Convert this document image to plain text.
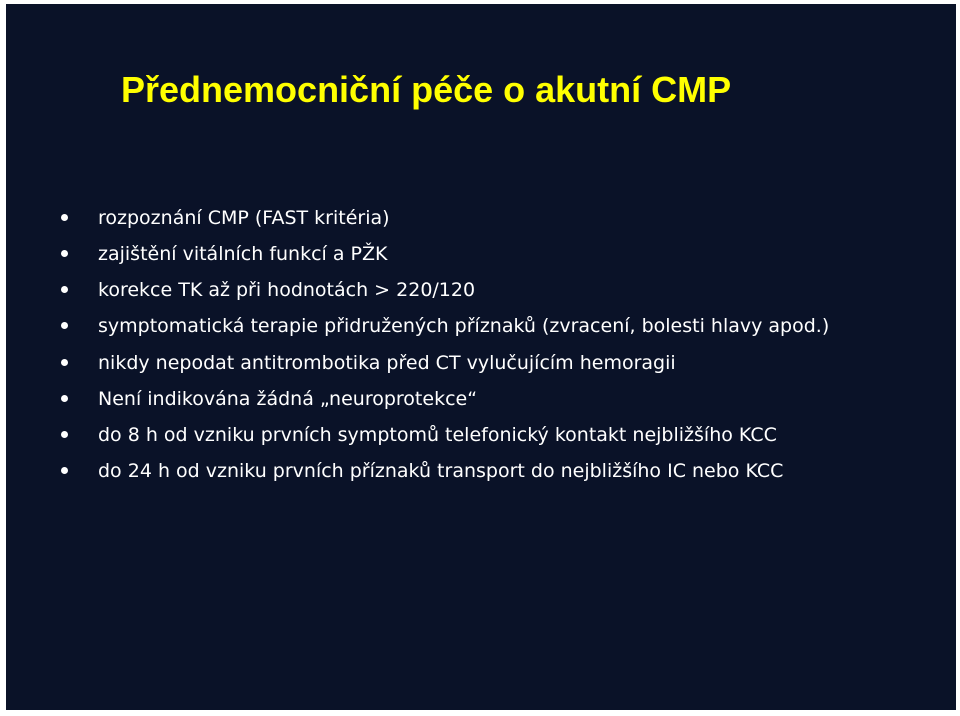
Přednemocniční péče o akutní CMP
rozpoznání CMP (FAST kritéria)
zajištění vitálních funkcí a PŽK
korekce TK až při hodnotách > 220/120
symptomatická terapie přidružených příznaků (zvracení, bolesti hlavy apod.)
nikdy nepodat antitrombotika před CT vylučujícím hemoragii
Není indikována žádná „neuroprotekce“
do 8 h od vzniku prvních symptomů telefonický kontakt nejbližšího KCC
do 24 h od vzniku prvních příznaků transport do nejbližšího IC nebo KCC
